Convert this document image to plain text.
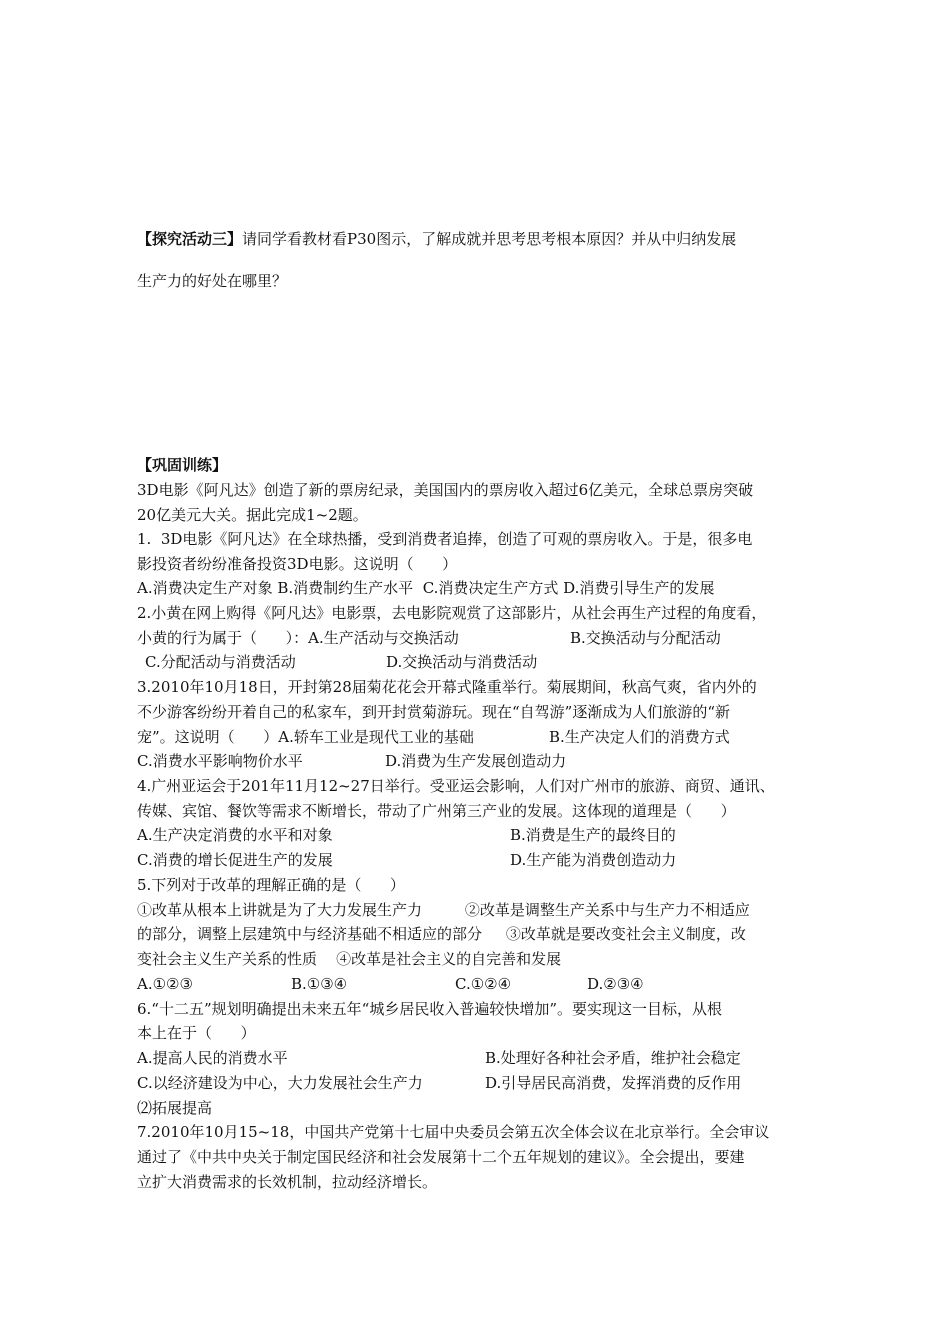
【探究活动三】请同学看教材看P30图示，了解成就并思考思考根本原因？并从中归纳发展
生产力的好处在哪里？
【巩固训练】
3D电影《阿凡达》创造了新的票房纪录，美国国内的票房收入超过6亿美元，全球总票房突破
20亿美元大关。据此完成1~2题。
1.  3D电影《阿凡达》在全球热播，受到消费者追捧，创造了可观的票房收入。于是，很多电
影投资者纷纷准备投资3D电影。这说明（      ）
A.消费决定生产对象 B.消费制约生产水平  C.消费决定生产方式 D.消费引导生产的发展
2.小黄在网上购得《阿凡达》电影票，去电影院观赏了这部影片，从社会再生产过程的角度看，
小黄的行为属于（      ）：A.生产活动与交换活动	B.交换活动与分配活动
C.分配活动与消费活动	D.交换活动与消费活动
3.2010年10月18日，开封第28届菊花花会开幕式隆重举行。菊展期间，秋高气爽，省内外的
不少游客纷纷开着自己的私家车，到开封赏菊游玩。现在“自驾游”逐渐成为人们旅游的“新
宠”。这说明（      ）A.轿车工业是现代工业的基础	B.生产决定人们的消费方式
C.消费水平影响物价水平	D.消费为生产发展创造动力
4.广州亚运会于201年11月12~27日举行。受亚运会影响，人们对广州市的旅游、商贸、通讯、
传媒、宾馆、餐饮等需求不断增长，带动了广州第三产业的发展。这体现的道理是（      ）
A.生产决定消费的水平和对象	B.消费是生产的最终目的
C.消费的增长促进生产的发展	D.生产能为消费创造动力
5.下列对于改革的理解正确的是（      ）
①改革从根本上讲就是为了大力发展生产力         ②改革是调整生产关系中与生产力不相适应
的部分，调整上层建筑中与经济基础不相适应的部分     ③改革就是要改变社会主义制度，改
变社会主义生产关系的性质    ④改革是社会主义的自完善和发展
A.①②③	B.①③④	C.①②④	D.②③④
6.“十二五”规划明确提出未来五年“城乡居民收入普遍较快增加”。要实现这一目标，从根
本上在于（      ）
A.提高人民的消费水平	B.处理好各种社会矛盾，维护社会稳定
C.以经济建设为中心，大力发展社会生产力	D.引导居民高消费，发挥消费的反作用
⑵拓展提高
7.2010年10月15~18，中国共产党第十七届中央委员会第五次全体会议在北京举行。全会审议
通过了《中共中央关于制定国民经济和社会发展第十二个五年规划的建议》。全会提出，要建
立扩大消费需求的长效机制，拉动经济增长。
